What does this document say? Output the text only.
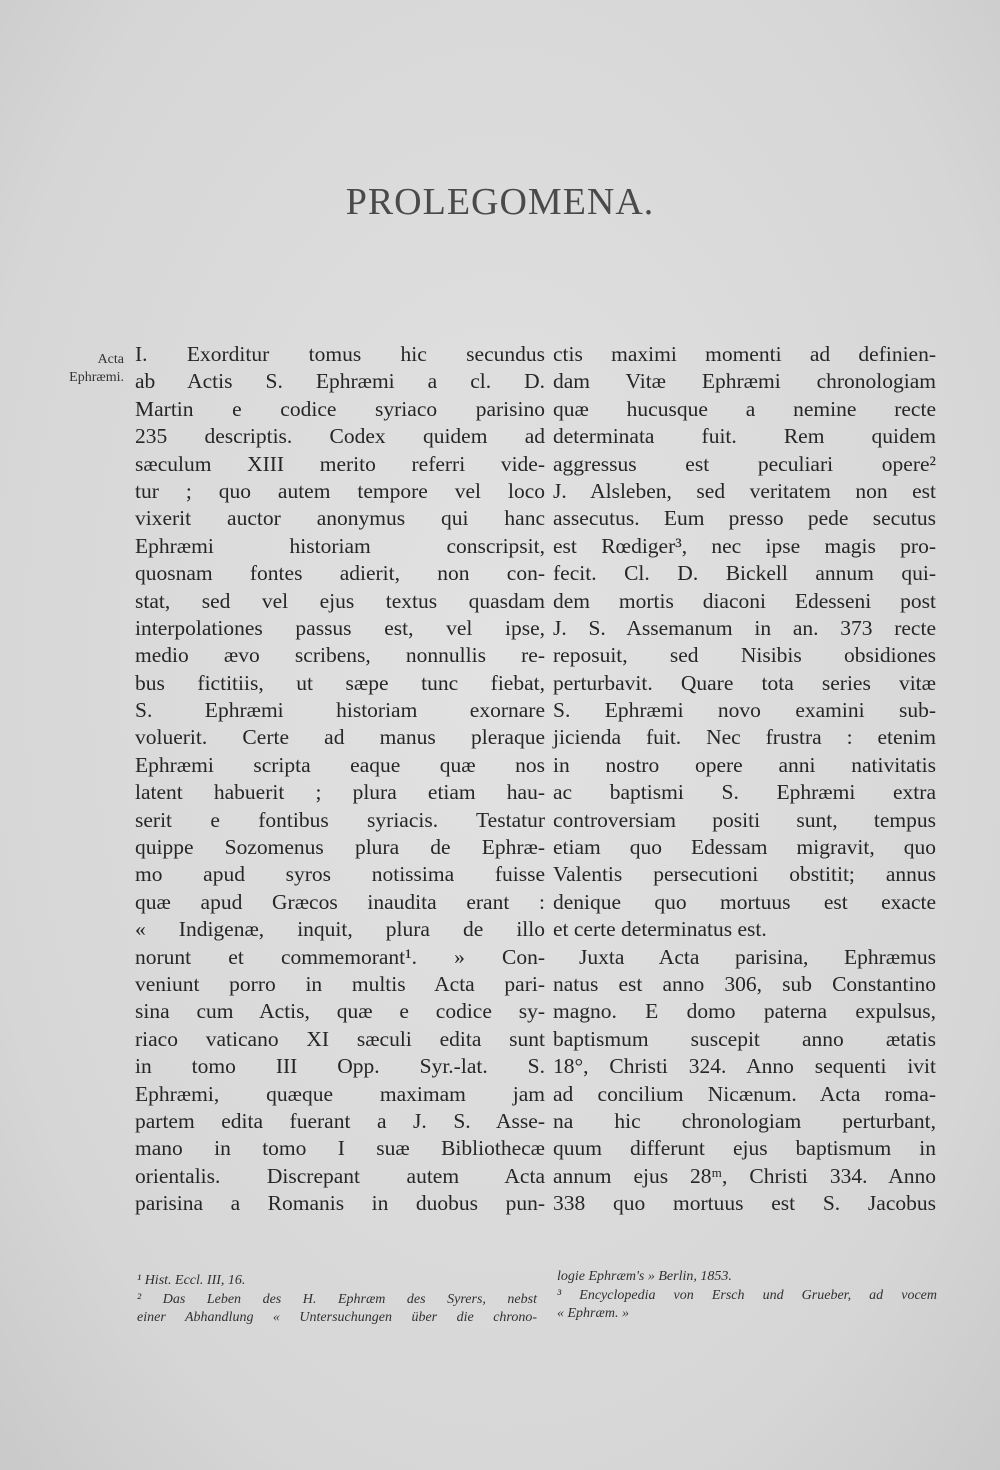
PROLEGOMENA.
Acta
Ephræmi.
I. Exorditur tomus hic secundus
ab Actis S. Ephræmi a cl. D.
Martin e codice syriaco parisino
235 descriptis. Codex quidem ad
sæculum XIII merito referri vide-
tur ; quo autem tempore vel loco
vixerit auctor anonymus qui hanc
Ephræmi historiam conscripsit,
quosnam fontes adierit, non con-
stat, sed vel ejus textus quasdam
interpolationes passus est, vel ipse,
medio ævo scribens, nonnullis re-
bus fictitiis, ut sæpe tunc fiebat,
S. Ephræmi historiam exornare
voluerit. Certe ad manus pleraque
Ephræmi scripta eaque quæ nos
latent habuerit ; plura etiam hau-
serit e fontibus syriacis. Testatur
quippe Sozomenus plura de Ephræ-
mo apud syros notissima fuisse
quæ apud Græcos inaudita erant :
« Indigenæ, inquit, plura de illo
norunt et commemorant¹. » Con-
veniunt porro in multis Acta pari-
sina cum Actis, quæ e codice sy-
riaco vaticano XI sæculi edita sunt
in tomo III Opp. Syr.-lat. S.
Ephræmi, quæque maximam jam
partem edita fuerant a J. S. Asse-
mano in tomo I suæ Bibliothecæ
orientalis. Discrepant autem Acta
parisina a Romanis in duobus pun-
ctis maximi momenti ad definien-
dam Vitæ Ephræmi chronologiam
quæ hucusque a nemine recte
determinata fuit. Rem quidem
aggressus est peculiari opere²
J. Alsleben, sed veritatem non est
assecutus. Eum presso pede secutus
est Rœdiger³, nec ipse magis pro-
fecit. Cl. D. Bickell annum qui-
dem mortis diaconi Edesseni post
J. S. Assemanum in an. 373 recte
reposuit, sed Nisibis obsidiones
perturbavit. Quare tota series vitæ
S. Ephræmi novo examini sub-
jicienda fuit. Nec frustra : etenim
in nostro opere anni nativitatis
ac baptismi S. Ephræmi extra
controversiam positi sunt, tempus
etiam quo Edessam migravit, quo
Valentis persecutioni obstitit; annus
denique quo mortuus est exacte
et certe determinatus est.
Juxta Acta parisina, Ephræmus
natus est anno 306, sub Constantino
magno. E domo paterna expulsus,
baptismum suscepit anno ætatis
18°, Christi 324. Anno sequenti ivit
ad concilium Nicænum. Acta roma-
na hic chronologiam perturbant,
quum differunt ejus baptismum in
annum ejus 28ᵐ, Christi 334. Anno
338 quo mortuus est S. Jacobus
¹ Hist. Eccl. III, 16.
² Das Leben des H. Ephræm des Syrers, nebst
einer Abhandlung « Untersuchungen über die chrono-
logie Ephræm's » Berlin, 1853.
³ Encyclopedia von Ersch und Grueber, ad vocem
« Ephræm. »
